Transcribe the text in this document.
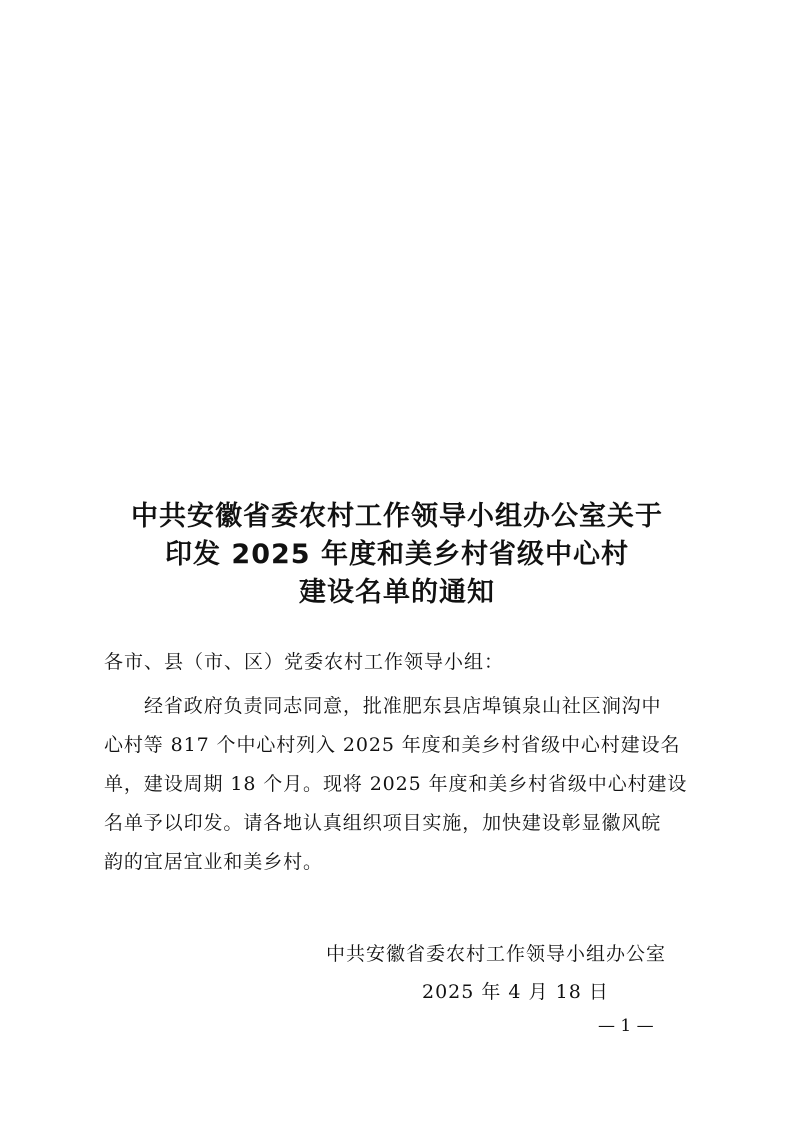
中共安徽省委农村工作领导小组办公室关于
印发 2025 年度和美乡村省级中心村
建设名单的通知
各市、县（市、区）党委农村工作领导小组：
经省政府负责同志同意，批准肥东县店埠镇泉山社区涧沟中
心村等 817 个中心村列入 2025 年度和美乡村省级中心村建设名
单，建设周期 18 个月。现将 2025 年度和美乡村省级中心村建设
名单予以印发。请各地认真组织项目实施，加快建设彰显徽风皖
韵的宜居宜业和美乡村。
中共安徽省委农村工作领导小组办公室
2025 年 4 月 18 日
— 1 —
